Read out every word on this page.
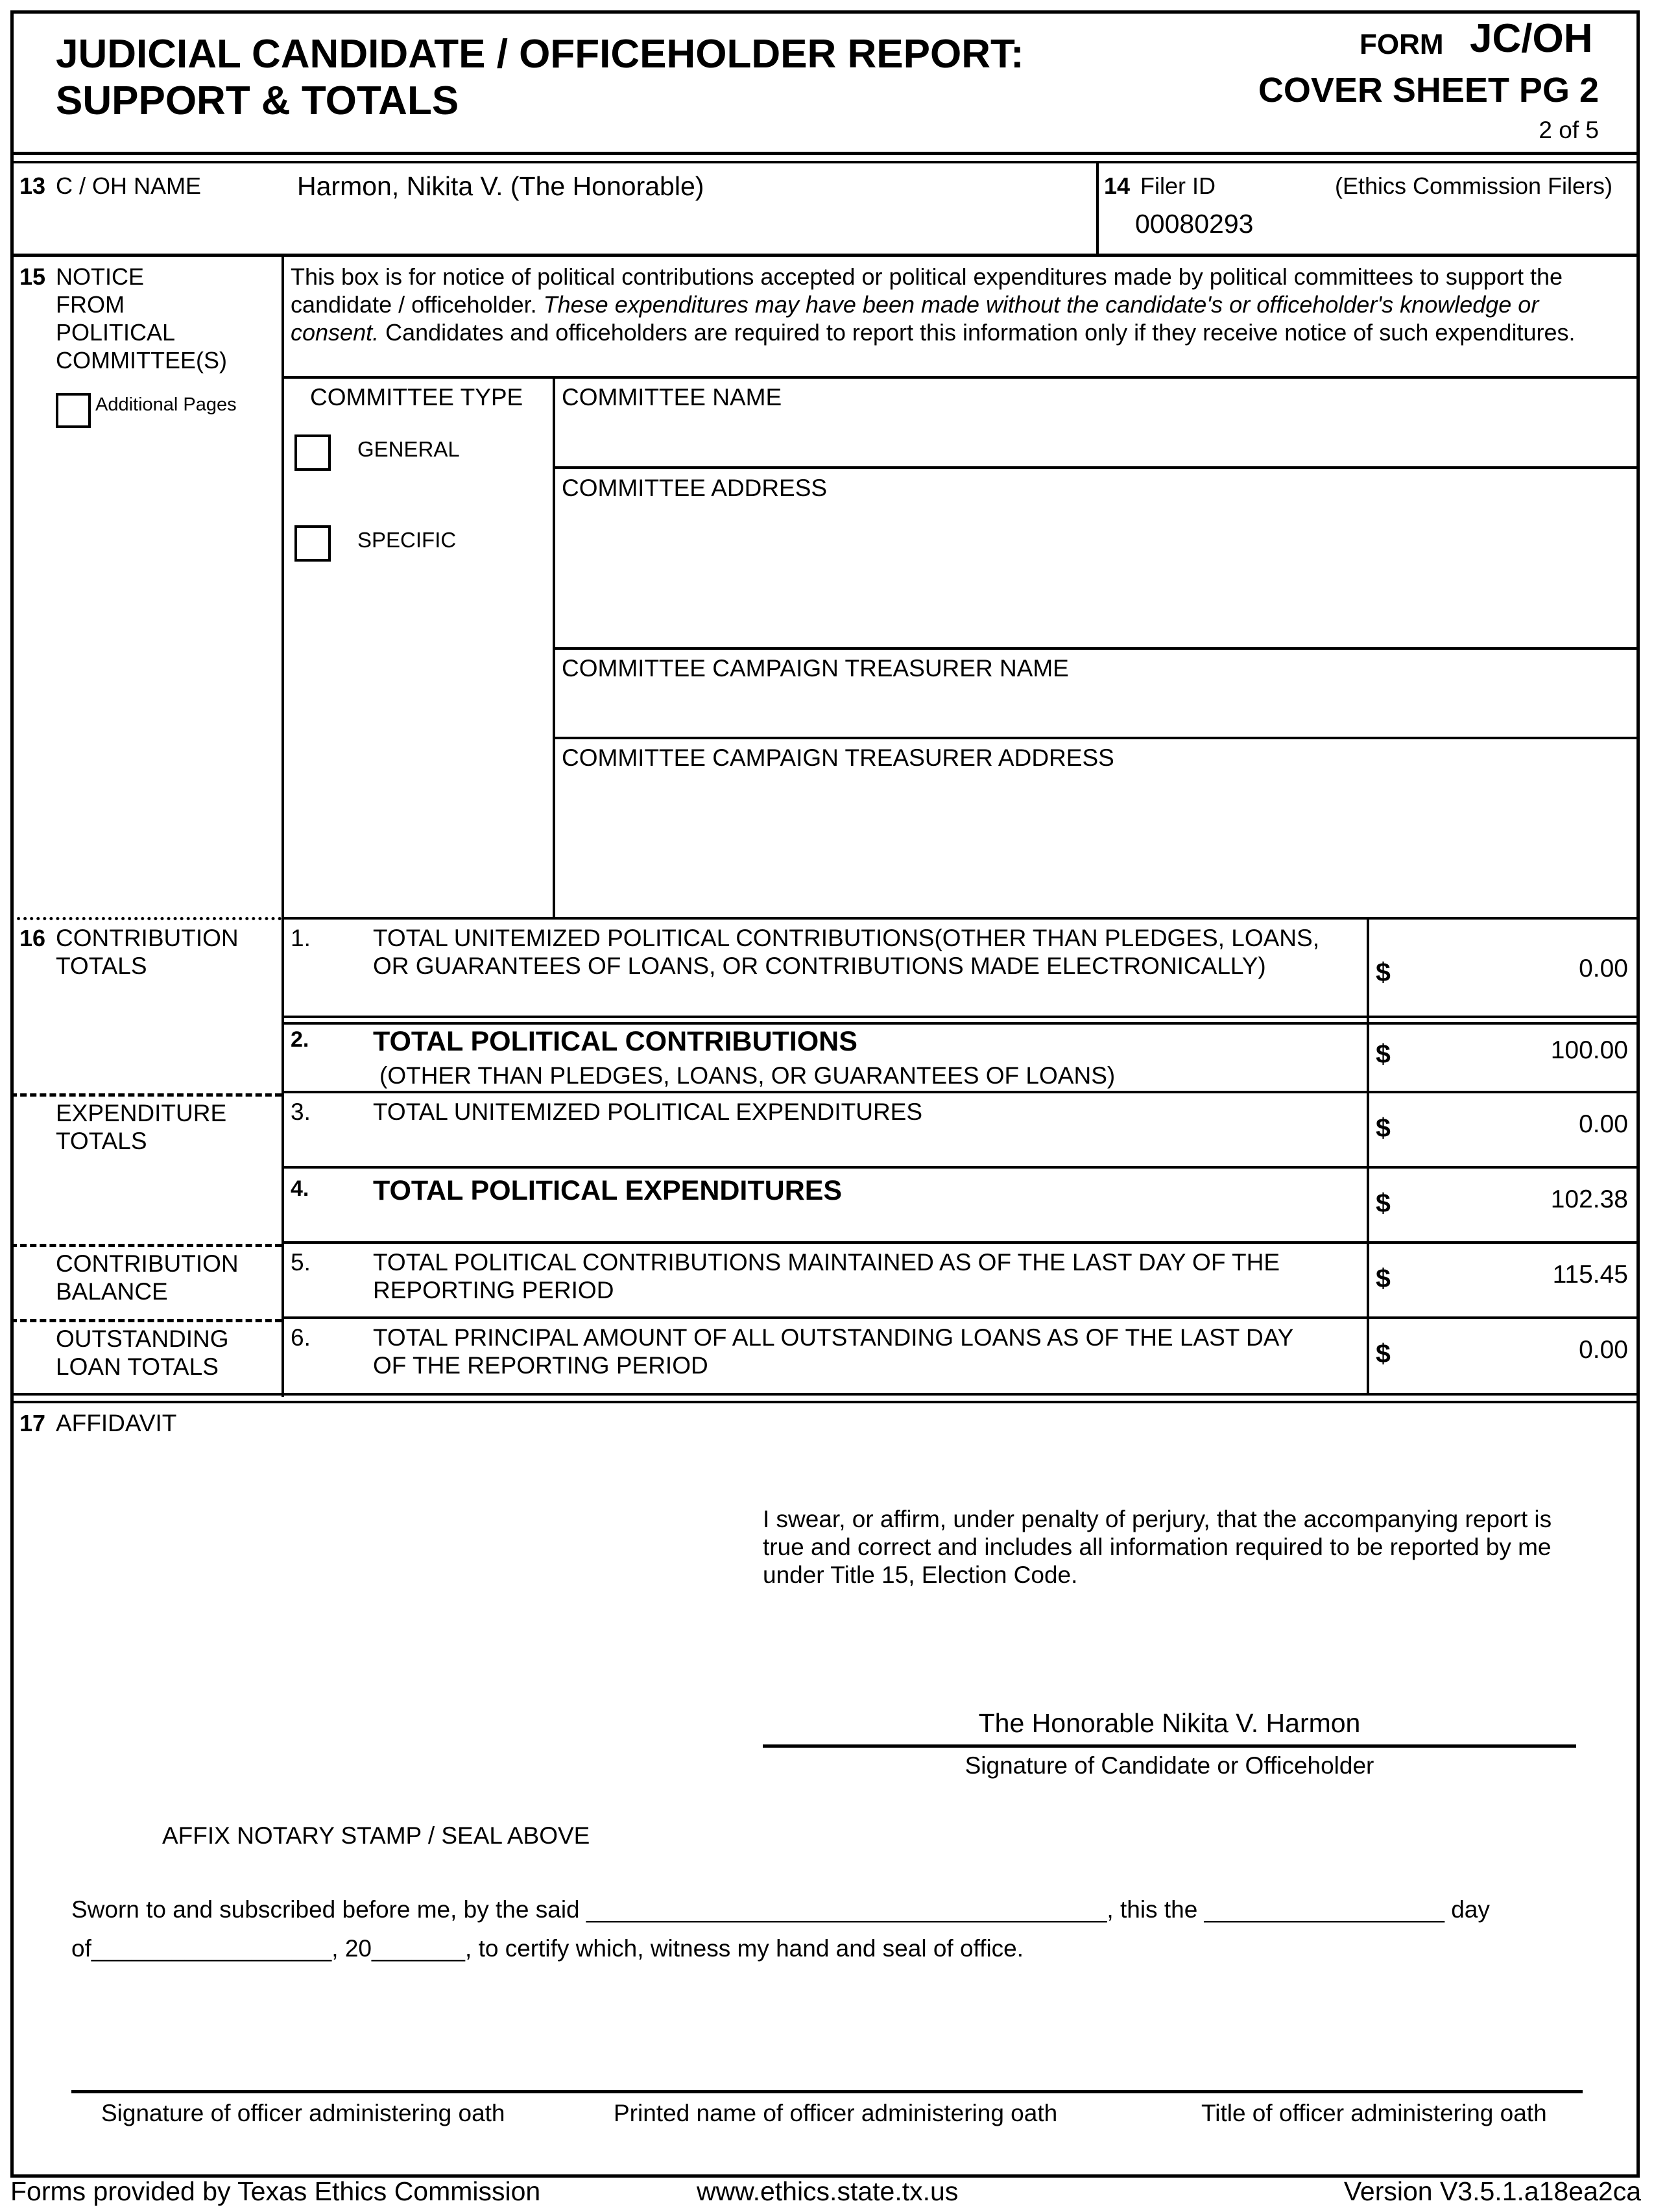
JUDICIAL CANDIDATE / OFFICEHOLDER REPORT:
SUPPORT & TOTALS
FORM JC/OH
COVER SHEET PG 2
2 of 5
13 C / OH NAME	Harmon, Nikita V. (The Honorable)	14 Filer ID	(Ethics Commission Filers)
00080293
15 NOTICE
FROM
POLITICAL
COMMITTEE(S)
Additional Pages
This box is for notice of political contributions accepted or political expenditures made by political committees to support the
candidate / officeholder. These expenditures may have been made without the candidate's or officeholder's knowledge or
consent. Candidates and officeholders are required to report this information only if they receive notice of such expenditures.
COMMITTEE TYPE
GENERAL
SPECIFIC
COMMITTEE NAME
COMMITTEE ADDRESS
COMMITTEE CAMPAIGN TREASURER NAME
COMMITTEE CAMPAIGN TREASURER ADDRESS
16 CONTRIBUTION
TOTALS
EXPENDITURE
TOTALS
CONTRIBUTION
BALANCE
OUTSTANDING
LOAN TOTALS
1.	TOTAL UNITEMIZED POLITICAL CONTRIBUTIONS(OTHER THAN PLEDGES, LOANS,
OR GUARANTEES OF LOANS, OR CONTRIBUTIONS MADE ELECTRONICALLY)	$	0.00
2. TOTAL POLITICAL CONTRIBUTIONS
(OTHER THAN PLEDGES, LOANS, OR GUARANTEES OF LOANS)
$	100.00
3.	TOTAL UNITEMIZED POLITICAL EXPENDITURES
$	0.00
4. TOTAL POLITICAL EXPENDITURES	$	102.38
5.	TOTAL POLITICAL CONTRIBUTIONS MAINTAINED AS OF THE LAST DAY OF THE
REPORTING PERIOD	$	115.45
6.	TOTAL PRINCIPAL AMOUNT OF ALL OUTSTANDING LOANS AS OF THE LAST DAY
OF THE REPORTING PERIOD	$	0.00
17 AFFIDAVIT
I swear, or affirm, under penalty of perjury, that the accompanying report is
true and correct and includes all information required to be reported by me
under Title 15, Election Code.
The Honorable Nikita V. Harmon
Signature of Candidate or Officeholder
AFFIX NOTARY STAMP / SEAL ABOVE
Sworn to and subscribed before me, by the said _______________________________________, this the __________________ day
of__________________, 20_______, to certify which, witness my hand and seal of office.
Signature of officer administering oath	Printed name of officer administering oath	Title of officer administering oath
Forms provided by Texas Ethics Commission	www.ethics.state.tx.us	Version V3.5.1.a18ea2ca
